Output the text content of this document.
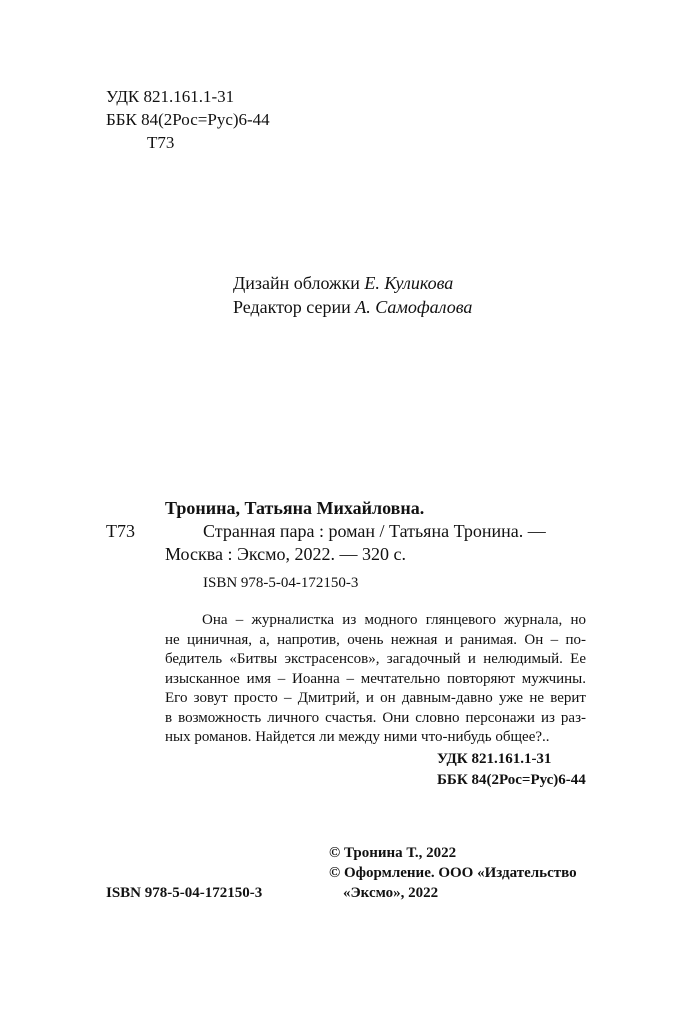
УДК 821.161.1-31
ББК 84(2Рос=Рус)6-44
Т73
Дизайн обложки Е. Куликова
Редактор серии А. Самофалова
Тронина, Татьяна Михайловна.
Т73	Странная пара : роман / Татьяна Тронина. —
Москва : Эксмо, 2022. — 320 с.
ISBN 978-5-04-172150-3
Она – журналистка из модного глянцевого журнала, но
не циничная, а, напротив, очень нежная и ранимая. Он – по-
бедитель «Битвы экстрасенсов», загадочный и нелюдимый. Ее
изысканное имя – Иоанна – мечтательно повторяют мужчины.
Его зовут просто – Дмитрий, и он давным-давно уже не верит
в возможность личного счастья. Они словно персонажи из раз-
ных романов. Найдется ли между ними что-нибудь общее?..
УДК 821.161.1-31
ББК 84(2Рос=Рус)6-44
© Тронина Т., 2022
© Оформление. ООО «Издательство
«Эксмо», 2022
ISBN 978-5-04-172150-3
